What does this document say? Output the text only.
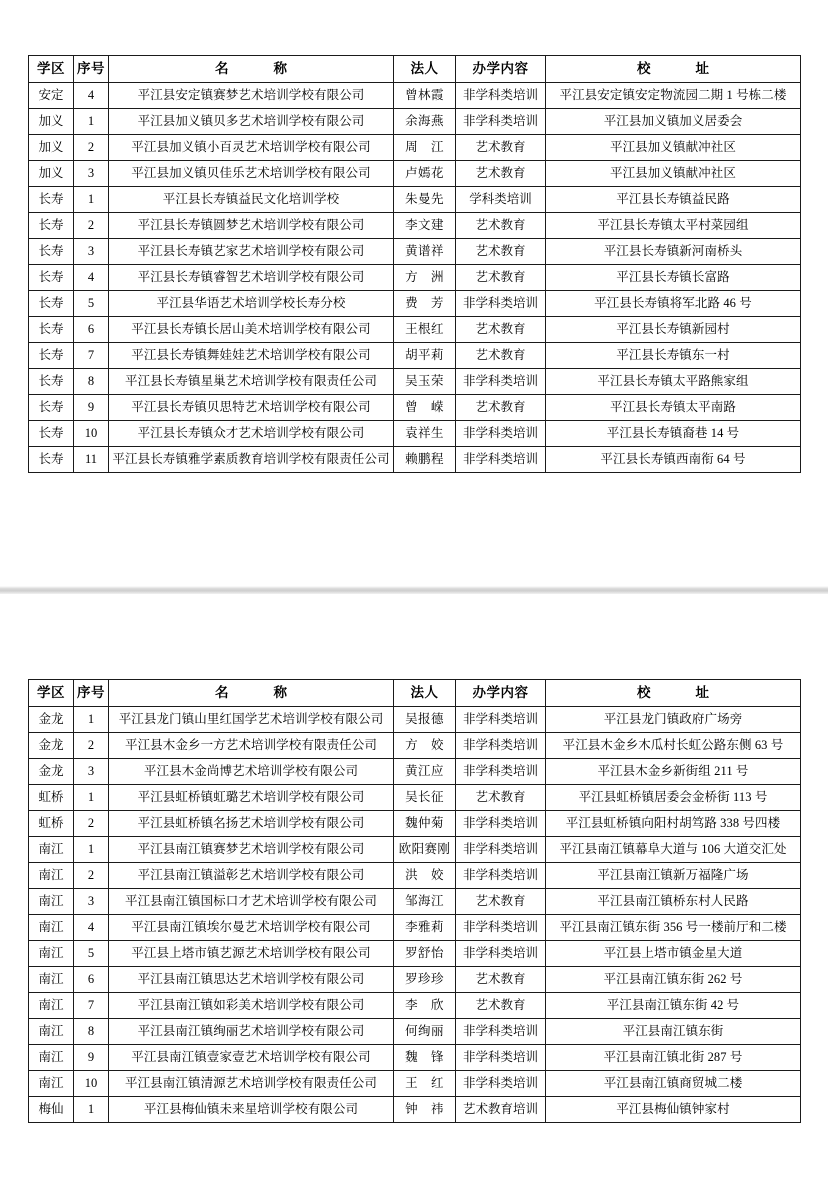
学区	序号	名　　称	法人	办学内容	校　　址
安定	4	平江县安定镇赛梦艺术培训学校有限公司	曾林霞	非学科类培训	平江县安定镇安定物流园二期 1 号栋二楼
加义	1	平江县加义镇贝多艺术培训学校有限公司	余海燕	非学科类培训	平江县加义镇加义居委会
加义	2	平江县加义镇小百灵艺术培训学校有限公司	周　江	艺术教育	平江县加义镇献冲社区
加义	3	平江县加义镇贝佳乐艺术培训学校有限公司	卢嫣花	艺术教育	平江县加义镇献冲社区
长寿	1	平江县长寿镇益民文化培训学校	朱曼先	学科类培训	平江县长寿镇益民路
长寿	2	平江县长寿镇圆梦艺术培训学校有限公司	李文建	艺术教育	平江县长寿镇太平村菜园组
长寿	3	平江县长寿镇艺家艺术培训学校有限公司	黄谱祥	艺术教育	平江县长寿镇新河南桥头
长寿	4	平江县长寿镇睿智艺术培训学校有限公司	方　洲	艺术教育	平江县长寿镇长富路
长寿	5	平江县华语艺术培训学校长寿分校	费　芳	非学科类培训	平江县长寿镇将军北路 46 号
长寿	6	平江县长寿镇长居山美术培训学校有限公司	王根红	艺术教育	平江县长寿镇新园村
长寿	7	平江县长寿镇舞娃娃艺术培训学校有限公司	胡平莉	艺术教育	平江县长寿镇东一村
长寿	8	平江县长寿镇星巢艺术培训学校有限责任公司	吴玉荣	非学科类培训	平江县长寿镇太平路熊家组
长寿	9	平江县长寿镇贝思特艺术培训学校有限公司	曾　嵘	艺术教育	平江县长寿镇太平南路
长寿	10	平江县长寿镇众才艺术培训学校有限公司	袁祥生	非学科类培训	平江县长寿镇裔巷 14 号
长寿	11	平江县长寿镇雅学素质教育培训学校有限责任公司	赖鹏程	非学科类培训	平江县长寿镇西南衔 64 号
学区	序号	名　　称	法人	办学内容	校　　址
金龙	1	平江县龙门镇山里红国学艺术培训学校有限公司	吴报德	非学科类培训	平江县龙门镇政府广场旁
金龙	2	平江县木金乡一方艺术培训学校有限责任公司	方　姣	非学科类培训	平江县木金乡木瓜村长虹公路东侧 63 号
金龙	3	平江县木金尚博艺术培训学校有限公司	黄江应	非学科类培训	平江县木金乡新街组 211 号
虹桥	1	平江县虹桥镇虹璐艺术培训学校有限公司	吴长征	艺术教育	平江县虹桥镇居委会金桥街 113 号
虹桥	2	平江县虹桥镇名扬艺术培训学校有限公司	魏仲菊	非学科类培训	平江县虹桥镇向阳村胡笃路 338 号四楼
南江	1	平江县南江镇赛梦艺术培训学校有限公司	欧阳赛刚	非学科类培训	平江县南江镇幕阜大道与 106 大道交汇处
南江	2	平江县南江镇溢彰艺术培训学校有限公司	洪　姣	非学科类培训	平江县南江镇新万福隆广场
南江	3	平江县南江镇国标口才艺术培训学校有限公司	邹海江	艺术教育	平江县南江镇桥东村人民路
南江	4	平江县南江镇埃尔曼艺术培训学校有限公司	李雅莉	非学科类培训	平江县南江镇东街 356 号一楼前厅和二楼
南江	5	平江县上塔市镇艺源艺术培训学校有限公司	罗舒怡	非学科类培训	平江县上塔市镇金星大道
南江	6	平江县南江镇思达艺术培训学校有限公司	罗珍珍	艺术教育	平江县南江镇东街 262 号
南江	7	平江县南江镇如彩美术培训学校有限公司	李　欣	艺术教育	平江县南江镇东街 42 号
南江	8	平江县南江镇绚丽艺术培训学校有限公司	何绚丽	非学科类培训	平江县南江镇东街
南江	9	平江县南江镇壹家壹艺术培训学校有限公司	魏　锋	非学科类培训	平江县南江镇北街 287 号
南江	10	平江县南江镇清源艺术培训学校有限责任公司	王　红	非学科类培训	平江县南江镇商贸城二楼
梅仙	1	平江县梅仙镇未来星培训学校有限公司	钟　祎	艺术教育培训	平江县梅仙镇钟家村
